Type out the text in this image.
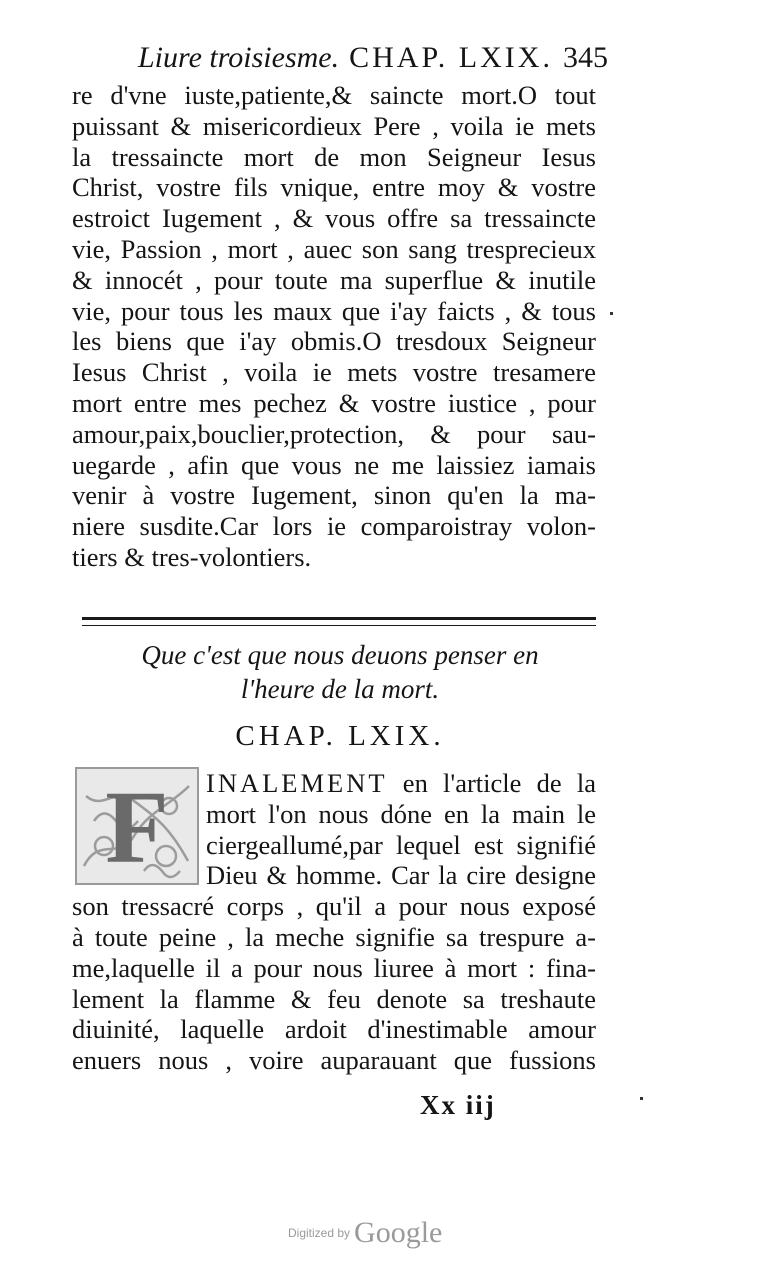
Liure troisiesme. CHAP. LXIX. 345
re d'vne iuste,patiente,& saincte mort.O tout
puissant & misericordieux Pere , voila ie mets
la tressaincte mort de mon Seigneur Iesus
Christ, vostre fils vnique, entre moy & vostre
estroict Iugement , & vous offre sa tressaincte
vie, Passion , mort , auec son sang tresprecieux
& innocét , pour toute ma superflue & inutile
vie, pour tous les maux que i'ay faicts , & tous
les biens que i'ay obmis.O tresdoux Seigneur
Iesus Christ , voila ie mets vostre tresamere
mort entre mes pechez & vostre iustice , pour
amour,paix,bouclier,protection, & pour sau-
uegarde , afin que vous ne me laissiez iamais
venir à vostre Iugement, sinon qu'en la ma-
niere susdite.Car lors ie comparoistray volon-
tiers & tres-volontiers.
Que c'est que nous deuons penser en
l'heure de la mort.
CHAP. LXIX.
F INALEMENT en l'article de la
mort l'on nous dóne en la main le
ciergeallumé,par lequel est signifié
Dieu & homme. Car la cire designe
son tressacré corps , qu'il a pour nous exposé
à toute peine , la meche signifie sa trespure a-
me,laquelle il a pour nous liuree à mort : fina-
lement la flamme & feu denote sa treshaute
diuinité, laquelle ardoit d'inestimable amour
enuers nous , voire auparauant que fussions
Xx iij
Digitized by Google
